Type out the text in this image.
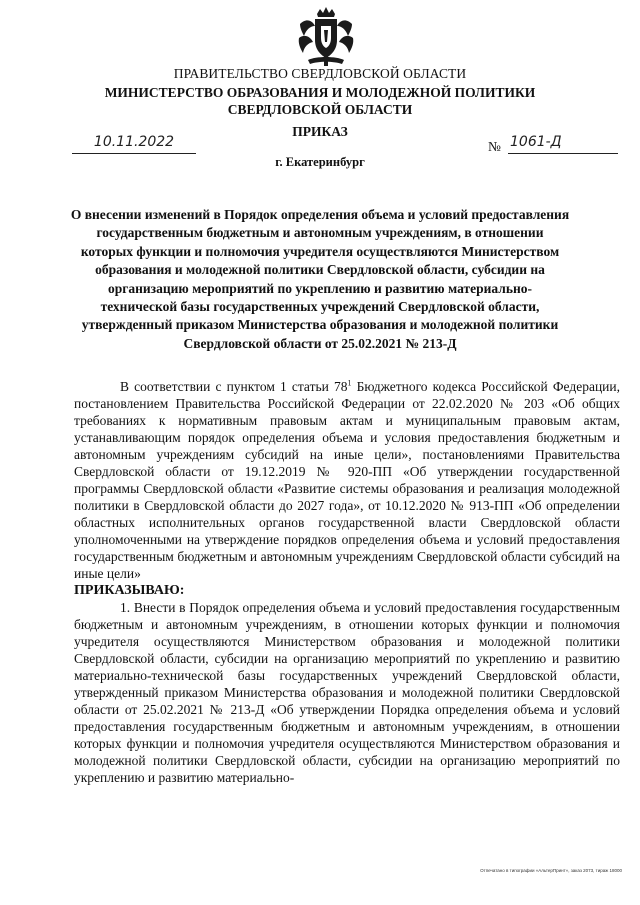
ПРАВИТЕЛЬСТВО СВЕРДЛОВСКОЙ ОБЛАСТИ
МИНИСТЕРСТВО ОБРАЗОВАНИЯ И МОЛОДЕЖНОЙ ПОЛИТИКИ
СВЕРДЛОВСКОЙ ОБЛАСТИ
ПРИКАЗ
10.11.2022	№ 1061-Д
г. Екатеринбург
О внесении изменений в Порядок определения объема и условий предоставления государственным бюджетным и автономным учреждениям, в отношении которых функции и полномочия учредителя осуществляются Министерством образования и молодежной политики Свердловской области, субсидии на организацию мероприятий по укреплению и развитию материально-технической базы государственных учреждений Свердловской области, утвержденный приказом Министерства образования и молодежной политики Свердловской области от 25.02.2021 № 213-Д

В соответствии с пунктом 1 статьи $78^1$ Бюджетного кодекса Российской Федерации, постановлением Правительства Российской Федерации от 22.02.2020 № 203 «Об общих требованиях к нормативным правовым актам и муниципальным правовым актам, устанавливающим порядок определения объема и условия предоставления бюджетным и автономным учреждениям субсидий на иные цели», постановлениями Правительства Свердловской области от 19.12.2019 № 920-ПП «Об утверждении государственной программы Свердловской области «Развитие системы образования и реализация молодежной политики в Свердловской области до 2027 года», от 10.12.2020 № 913-ПП «Об определении областных исполнительных органов государственной власти Свердловской области уполномоченными на утверждение порядков определения объема и условий предоставления государственным бюджетным и автономным учреждениям Свердловской области субсидий на иные цели»

ПРИКАЗЫВАЮ:

1. Внести в Порядок определения объема и условий предоставления государственным бюджетным и автономным учреждениям, в отношении которых функции и полномочия учредителя осуществляются Министерством образования и молодежной политики Свердловской области, субсидии на организацию мероприятий по укреплению и развитию материально-технической базы государственных учреждений Свердловской области, утвержденный приказом Министерства образования и молодежной политики Свердловской области от 25.02.2021 № 213-Д «Об утверждении Порядка определения объема и условий предоставления государственным бюджетным и автономным учреждениям, в отношении которых функции и полномочия учредителя осуществляются Министерством образования и молодежной политики Свердловской области, субсидии на организацию мероприятий по укреплению и развитию материально-

Отпечатано в типографии «АльтерПринт», заказ 2073, тираж 18000
